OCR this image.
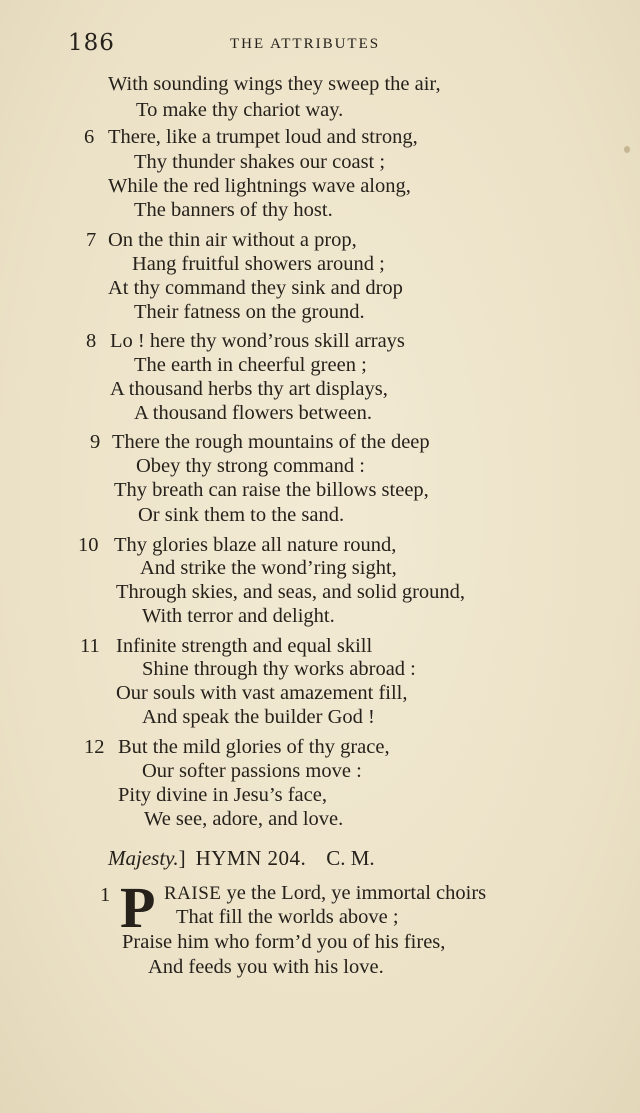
186	THE ATTRIBUTES
With sounding wings they sweep the air,
To make thy chariot way.
6 There, like a trumpet loud and strong,
Thy thunder shakes our coast ;
While the red lightnings wave along,
The banners of thy host.
7 On the thin air without a prop,
Hang fruitful showers around ;
At thy command they sink and drop
Their fatness on the ground.
8 Lo ! here thy wond’rous skill arrays
The earth in cheerful green ;
A thousand herbs thy art displays,
A thousand flowers between.
9 There the rough mountains of the deep
Obey thy strong command :
Thy breath can raise the billows steep,
Or sink them to the sand.
10 Thy glories blaze all nature round,
And strike the wond’ring sight,
Through skies, and seas, and solid ground,
With terror and delight.
11 Infinite strength and equal skill
Shine through thy works abroad :
Our souls with vast amazement fill,
And speak the builder God !
12 But the mild glories of thy grace,
Our softer passions move :
Pity divine in Jesu’s face,
We see, adore, and love.
Majesty.] HYMN 204. C. M.
1 P RAISE ye the Lord, ye immortal choirs
That fill the worlds above ;
Praise him who form’d you of his fires,
And feeds you with his love.
